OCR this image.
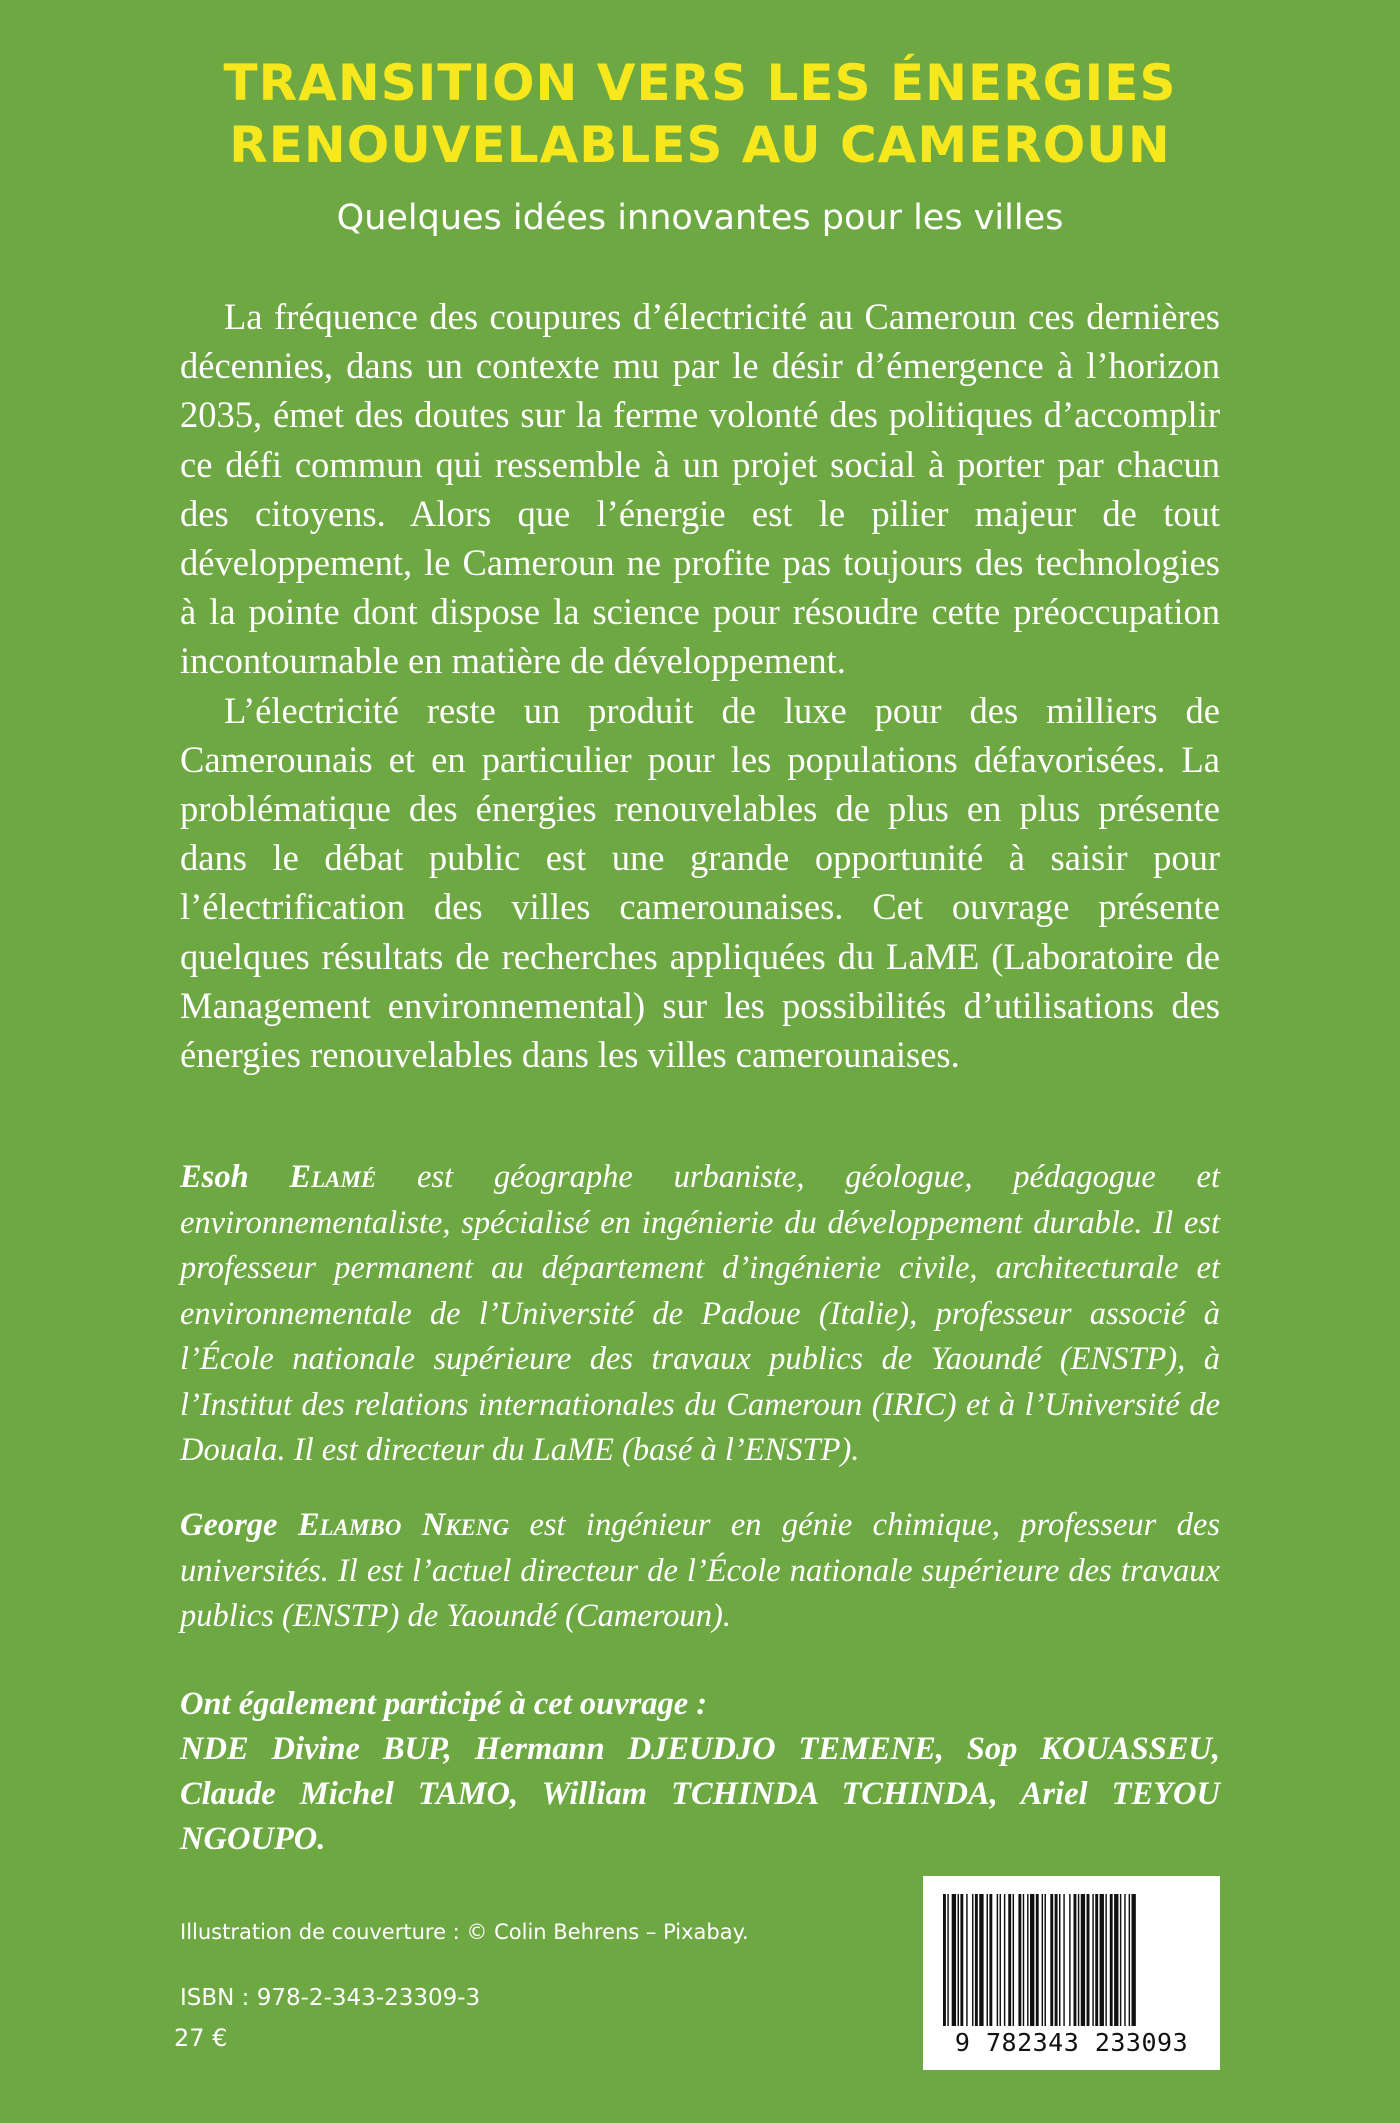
TRANSITION VERS LES ÉNERGIES
RENOUVELABLES AU CAMEROUN

Quelques idées innovantes pour les villes

La fréquence des coupures d’électricité au Cameroun ces dernières décennies, dans un contexte mu par le désir d’émergence à l’horizon 2035, émet des doutes sur la ferme volonté des politiques d’accomplir ce défi commun qui ressemble à un projet social à porter par chacun des citoyens. Alors que l’énergie est le pilier majeur de tout développement, le Cameroun ne profite pas toujours des technologies à la pointe dont dispose la science pour résoudre cette préoccupation incontournable en matière de développement.

L’électricité reste un produit de luxe pour des milliers de Camerounais et en particulier pour les populations défavorisées. La problématique des énergies renouvelables de plus en plus présente dans le débat public est une grande opportunité à saisir pour l’électrification des villes camerounaises. Cet ouvrage présente quelques résultats de recherches appliquées du LaME (Laboratoire de Management environnemental) sur les possibilités d’utilisations des énergies renouvelables dans les villes camerounaises.

Esoh Elamé est géographe urbaniste, géologue, pédagogue et environnementaliste, spécialisé en ingénierie du développement durable. Il est professeur permanent au département d’ingénierie civile, architecturale et environnementale de l’Université de Padoue (Italie), professeur associé à l’École nationale supérieure des travaux publics de Yaoundé (ENSTP), à l’Institut des relations internationales du Cameroun (IRIC) et à l’Université de Douala. Il est directeur du LaME (basé à l’ENSTP).

George Elambo Nkeng est ingénieur en génie chimique, professeur des universités. Il est l’actuel directeur de l’École nationale supérieure des travaux publics (ENSTP) de Yaoundé (Cameroun).

Ont également participé à cet ouvrage :
NDE Divine BUP, Hermann DJEUDJO TEMENE, Sop KOUASSEU, Claude Michel TAMO, William TCHINDA TCHINDA, Ariel TEYOU NGOUPO.

Illustration de couverture : © Colin Behrens – Pixabay.

ISBN : 978-2-343-23309-3

27 €	9 782343 233093
